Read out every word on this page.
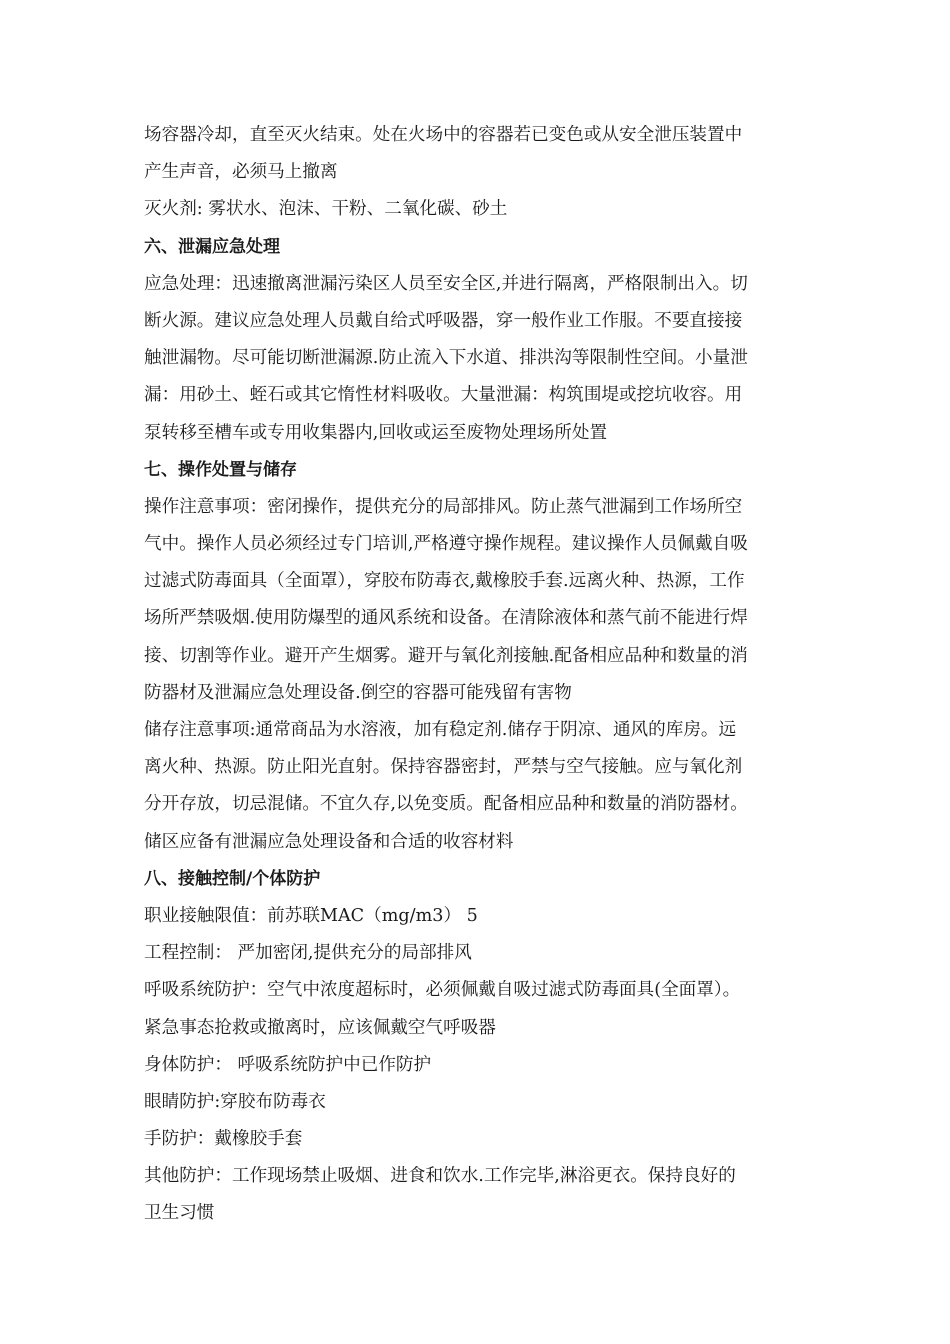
场容器冷却，直至灭火结束。处在火场中的容器若已变色或从安全泄压装置中
产生声音，必须马上撤离
灭火剂: 雾状水、泡沫、干粉、二氧化碳、砂土
六、泄漏应急处理
应急处理：迅速撤离泄漏污染区人员至安全区,并进行隔离，严格限制出入。切
断火源。建议应急处理人员戴自给式呼吸器，穿一般作业工作服。不要直接接
触泄漏物。尽可能切断泄漏源.防止流入下水道、排洪沟等限制性空间。小量泄
漏：用砂土、蛭石或其它惰性材料吸收。大量泄漏：构筑围堤或挖坑收容。用
泵转移至槽车或专用收集器内,回收或运至废物处理场所处置
七、操作处置与储存
操作注意事项：密闭操作，提供充分的局部排风。防止蒸气泄漏到工作场所空
气中。操作人员必须经过专门培训,严格遵守操作规程。建议操作人员佩戴自吸
过滤式防毒面具（全面罩），穿胶布防毒衣,戴橡胶手套.远离火种、热源，工作
场所严禁吸烟.使用防爆型的通风系统和设备。在清除液体和蒸气前不能进行焊
接、切割等作业。避开产生烟雾。避开与氧化剂接触.配备相应品种和数量的消
防器材及泄漏应急处理设备.倒空的容器可能残留有害物
储存注意事项:通常商品为水溶液，加有稳定剂.储存于阴凉、通风的库房。远
离火种、热源。防止阳光直射。保持容器密封，严禁与空气接触。应与氧化剂
分开存放，切忌混储。不宜久存,以免变质。配备相应品种和数量的消防器材。
储区应备有泄漏应急处理设备和合适的收容材料
八、接触控制/个体防护
职业接触限值：前苏联MAC（mg/m3） 5
工程控制： 严加密闭,提供充分的局部排风
呼吸系统防护：空气中浓度超标时，必须佩戴自吸过滤式防毒面具(全面罩）。
紧急事态抢救或撤离时，应该佩戴空气呼吸器
身体防护： 呼吸系统防护中已作防护
眼睛防护:穿胶布防毒衣
手防护：戴橡胶手套
其他防护：工作现场禁止吸烟、进食和饮水.工作完毕,淋浴更衣。保持良好的
卫生习惯
